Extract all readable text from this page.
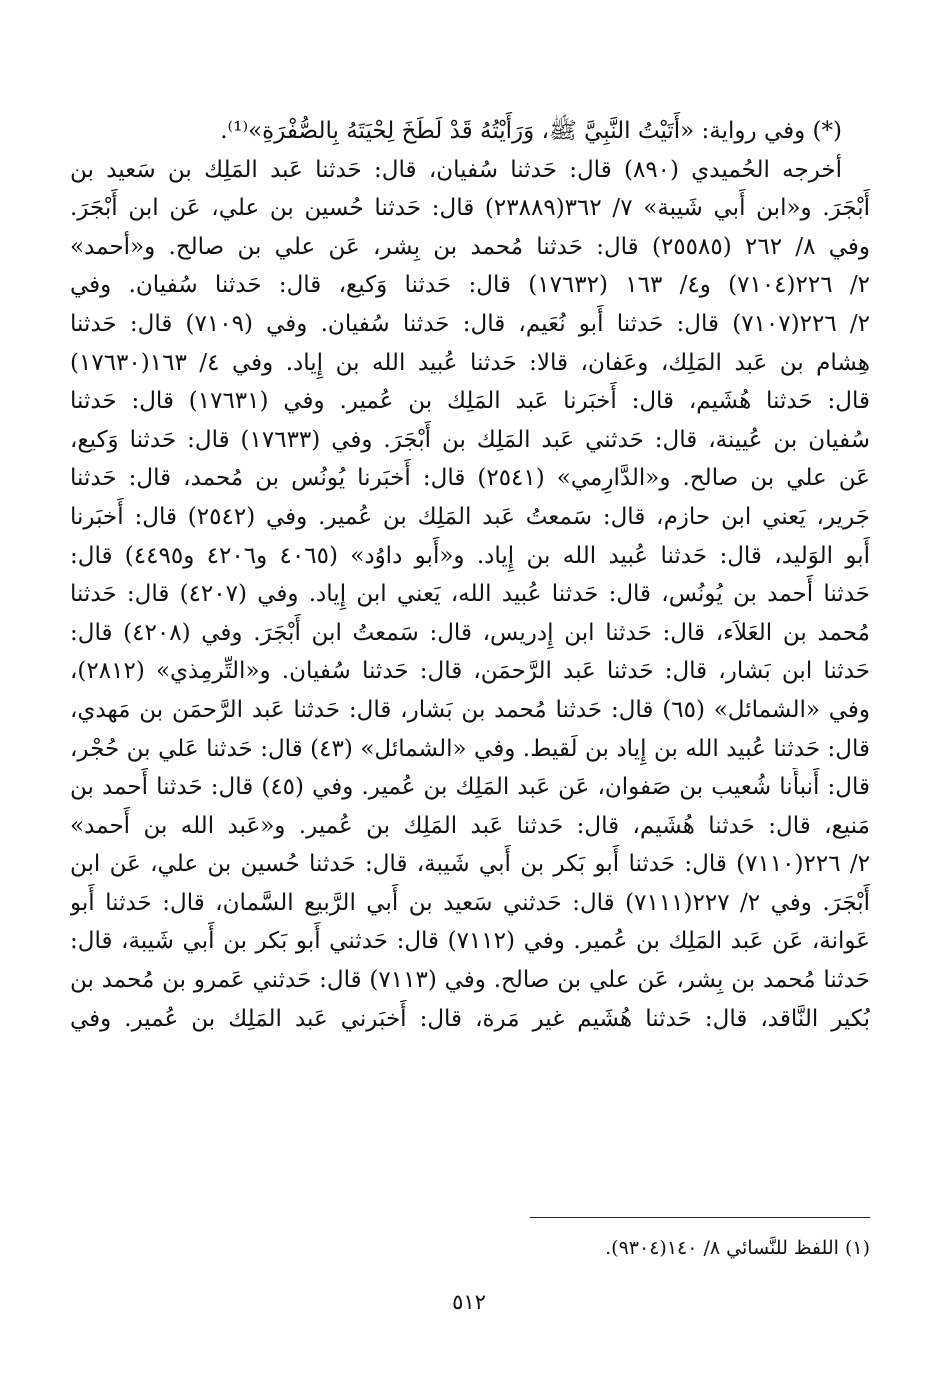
(*) وفي رواية: «أَتَيْتُ النَّبِيَّ ﷺ، وَرَأَيْتُهُ قَدْ لَطَخَ لِحْيَتَهُ بِالصُّفْرَةِ»⁽¹⁾.

أخرجه الحُميدي (٨٩٠) قال: حَدثنا سُفيان، قال: حَدثنا عَبد المَلِك بن سَعيد بن
أَبْجَرَ. و«ابن أَبي شَيبة» ٧/ ٣٦٢(٢٣٨٨٩) قال: حَدثنا حُسين بن علي، عَن ابن أَبْجَرَ.
وفي ٨/ ٢٦٢ (٢٥٥٨٥) قال: حَدثنا مُحمد بن بِشر، عَن علي بن صالح. و«أحمد»
٢/ ٢٢٦(٧١٠٤) و٤/ ١٦٣ (١٧٦٣٢) قال: حَدثنا وَكيع، قال: حَدثنا سُفيان. وفي
٢/ ٢٢٦(٧١٠٧) قال: حَدثنا أَبو نُعَيم، قال: حَدثنا سُفيان. وفي (٧١٠٩) قال: حَدثنا
هِشام بن عَبد المَلِك، وعَفان، قالا: حَدثنا عُبيد الله بن إِياد. وفي ٤/ ١٦٣(١٧٦٣٠)
قال: حَدثنا هُشَيم، قال: أَخبَرنا عَبد المَلِك بن عُمير. وفي (١٧٦٣١) قال: حَدثنا
سُفيان بن عُيينة، قال: حَدثني عَبد المَلِك بن أَبْجَرَ. وفي (١٧٦٣٣) قال: حَدثنا وَكيع،
عَن علي بن صالح. و«الدَّارِمي» (٢٥٤١) قال: أَخبَرنا يُونُس بن مُحمد، قال: حَدثنا
جَرير، يَعني ابن حازم، قال: سَمعتُ عَبد المَلِك بن عُمير. وفي (٢٥٤٢) قال: أَخبَرنا
أَبو الوَليد، قال: حَدثنا عُبيد الله بن إِياد. و«أَبو داوُد» (٤٠٦٥ و٤٢٠٦ و٤٤٩٥) قال:
حَدثنا أَحمد بن يُونُس، قال: حَدثنا عُبيد الله، يَعني ابن إِياد. وفي (٤٢٠٧) قال: حَدثنا
مُحمد بن العَلاَء، قال: حَدثنا ابن إِدريس، قال: سَمعتُ ابن أَبْجَرَ. وفي (٤٢٠٨) قال:
حَدثنا ابن بَشار، قال: حَدثنا عَبد الرَّحمَن، قال: حَدثنا سُفيان. و«التِّرمِذي» (٢٨١٢)،
وفي «الشمائل» (٦٥) قال: حَدثنا مُحمد بن بَشار، قال: حَدثنا عَبد الرَّحمَن بن مَهدي،
قال: حَدثنا عُبيد الله بن إِياد بن لَقيط. وفي «الشمائل» (٤٣) قال: حَدثنا عَلي بن حُجْر،
قال: أَنبأَنا شُعيب بن صَفوان، عَن عَبد المَلِك بن عُمير. وفي (٤٥) قال: حَدثنا أَحمد بن
مَنيع، قال: حَدثنا هُشَيم، قال: حَدثنا عَبد المَلِك بن عُمير. و«عَبد الله بن أَحمد»
٢/ ٢٢٦(٧١١٠) قال: حَدثنا أَبو بَكر بن أَبي شَيبة، قال: حَدثنا حُسين بن علي، عَن ابن
أَبْجَرَ. وفي ٢/ ٢٢٧(٧١١١) قال: حَدثني سَعيد بن أَبي الرَّبيع السَّمان، قال: حَدثنا أَبو
عَوانة، عَن عَبد المَلِك بن عُمير. وفي (٧١١٢) قال: حَدثني أَبو بَكر بن أَبي شَيبة، قال:
حَدثنا مُحمد بن بِشر، عَن علي بن صالح. وفي (٧١١٣) قال: حَدثني عَمرو بن مُحمد بن
بُكير النَّاقد، قال: حَدثنا هُشَيم غير مَرة، قال: أَخبَرني عَبد المَلِك بن عُمير. وفي

(١) اللفظ للنَّسائي ٨/ ١٤٠(٩٣٠٤).
٥١٢
